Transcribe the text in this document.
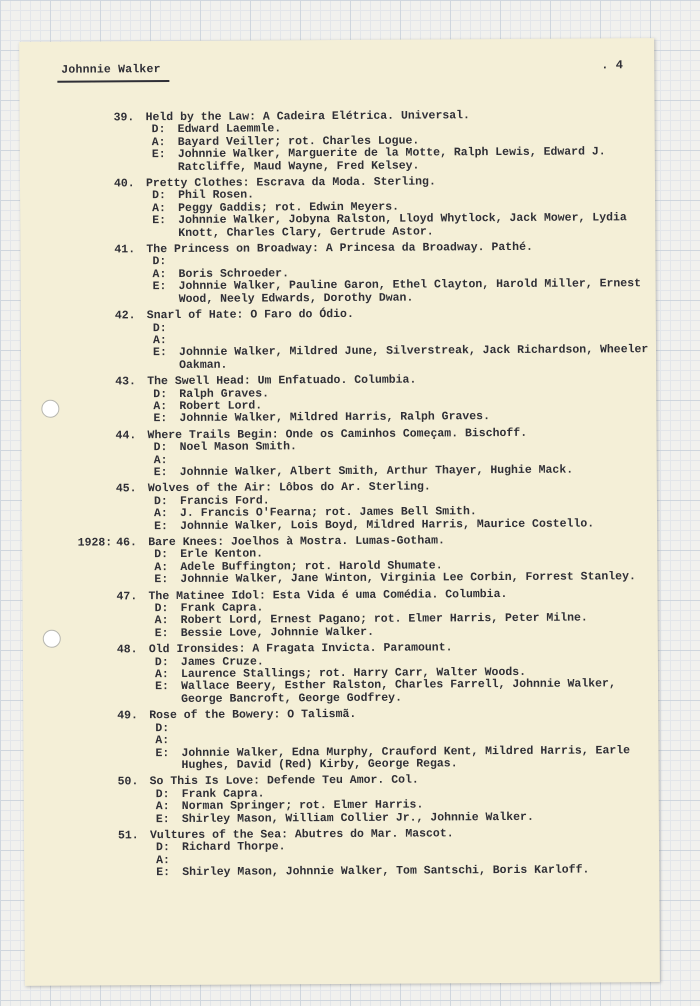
Johnnie Walker	. 4
39. Held by the Law: A Cadeira Elétrica. Universal.
D:	Edward Laemmle.
A:	Bayard Veiller; rot. Charles Logue.
E:	Johnnie Walker, Marguerite de la Motte, Ralph Lewis, Edward J. Ratcliffe, Maud Wayne, Fred Kelsey.
40. Pretty Clothes: Escrava da Moda. Sterling.
D:	Phil Rosen.
A:	Peggy Gaddis; rot. Edwin Meyers.
E:	Johnnie Walker, Jobyna Ralston, Lloyd Whytlock, Jack Mower, Lydia Knott, Charles Clary, Gertrude Astor.
41. The Princess on Broadway: A Princesa da Broadway. Pathé.
D:
A:	Boris Schroeder.
E:	Johnnie Walker, Pauline Garon, Ethel Clayton, Harold Miller, Ernest Wood, Neely Edwards, Dorothy Dwan.
42. Snarl of Hate: O Faro do Ódio.
D:
A:
E:	Johnnie Walker, Mildred June, Silverstreak, Jack Richardson, Wheeler Oakman.
43. The Swell Head: Um Enfatuado. Columbia.
D:	Ralph Graves.
A:	Robert Lord.
E:	Johnnie Walker, Mildred Harris, Ralph Graves.
44. Where Trails Begin: Onde os Caminhos Começam. Bischoff.
D:	Noel Mason Smith.
A:
E:	Johnnie Walker, Albert Smith, Arthur Thayer, Hughie Mack.
45. Wolves of the Air: Lôbos do Ar. Sterling.
D:	Francis Ford.
A:	J. Francis O'Fearna; rot. James Bell Smith.
E:	Johnnie Walker, Lois Boyd, Mildred Harris, Maurice Costello.
1928: 46. Bare Knees: Joelhos à Mostra. Lumas-Gotham.
D:	Erle Kenton.
A:	Adele Buffington; rot. Harold Shumate.
E:	Johnnie Walker, Jane Winton, Virginia Lee Corbin, Forrest Stanley.
47. The Matinee Idol: Esta Vida é uma Comédia. Columbia.
D:	Frank Capra.
A:	Robert Lord, Ernest Pagano; rot. Elmer Harris, Peter Milne.
E:	Bessie Love, Johnnie Walker.
48. Old Ironsides: A Fragata Invicta. Paramount.
D:	James Cruze.
A:	Laurence Stallings; rot. Harry Carr, Walter Woods.
E:	Wallace Beery, Esther Ralston, Charles Farrell, Johnnie Walker, George Bancroft, George Godfrey.
49. Rose of the Bowery: O Talismã.
D:
A:
E:	Johnnie Walker, Edna Murphy, Crauford Kent, Mildred Harris, Earle Hughes, David (Red) Kirby, George Regas.
50. So This Is Love: Defende Teu Amor. Col.
D:	Frank Capra.
A:	Norman Springer; rot. Elmer Harris.
E:	Shirley Mason, William Collier Jr., Johnnie Walker.
51. Vultures of the Sea: Abutres do Mar. Mascot.
D:	Richard Thorpe.
A:
E:	Shirley Mason, Johnnie Walker, Tom Santschi, Boris Karloff.
